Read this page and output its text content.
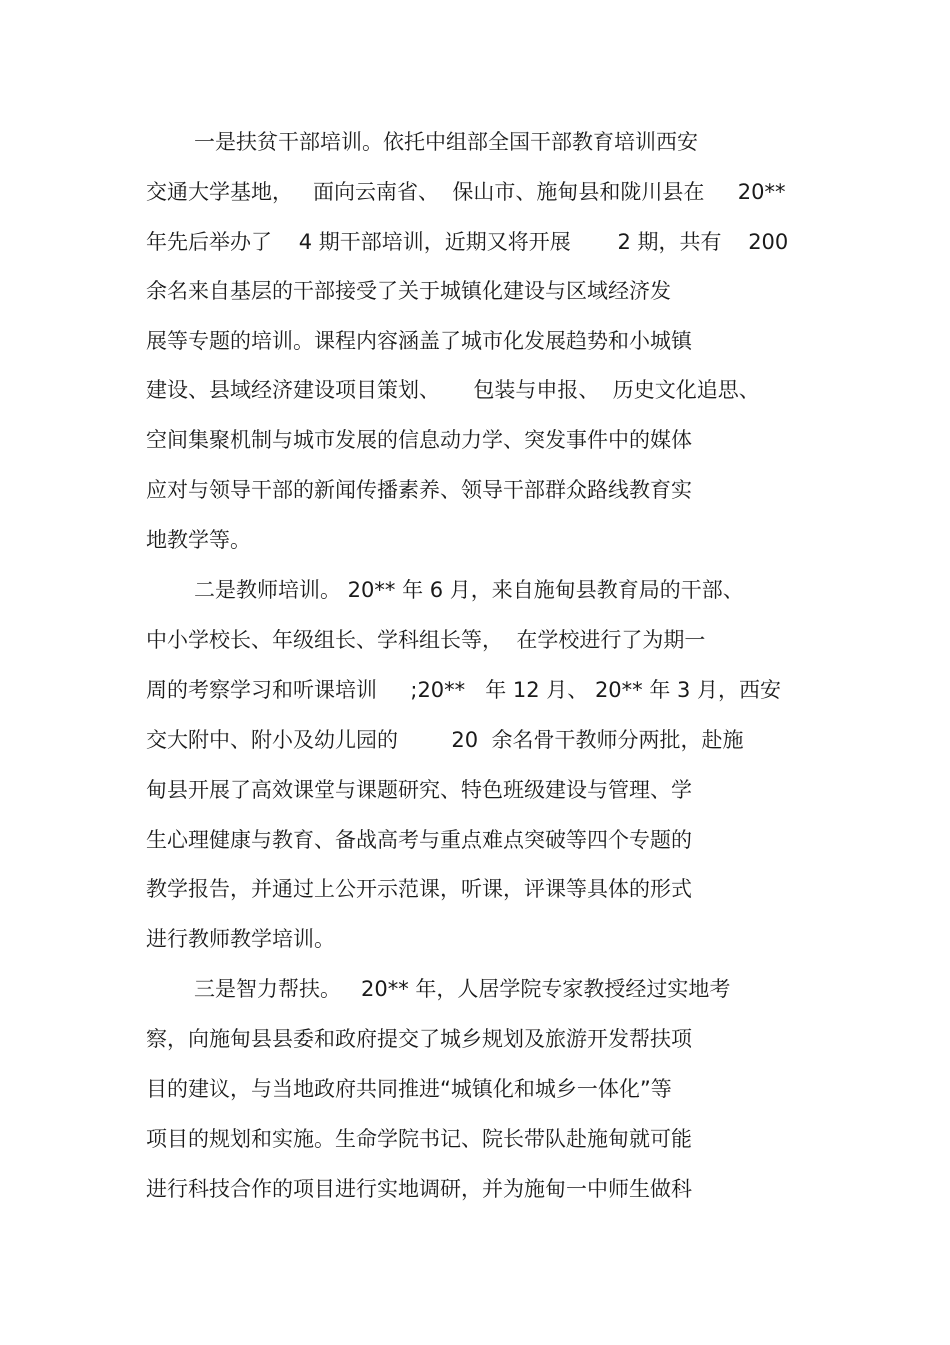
一是扶贫干部培训。依托中组部全国干部教育培训西安
交通大学基地，   面向云南省、  保山市、施甸县和陇川县在     20**
年先后举办了    4 期干部培训，近期又将开展       2 期，共有    200
余名来自基层的干部接受了关于城镇化建设与区域经济发
展等专题的培训。课程内容涵盖了城市化发展趋势和小城镇
建设、县域经济建设项目策划、     包装与申报、  历史文化追思、
空间集聚机制与城市发展的信息动力学、突发事件中的媒体
应对与领导干部的新闻传播素养、领导干部群众路线教育实
地教学等。
二是教师培训。 20** 年 6 月，来自施甸县教育局的干部、
中小学校长、年级组长、学科组长等，  在学校进行了为期一
周的考察学习和听课培训     ;20**   年 12 月、 20** 年 3 月，西安
交大附中、附小及幼儿园的        20  余名骨干教师分两批，赴施
甸县开展了高效课堂与课题研究、特色班级建设与管理、学
生心理健康与教育、备战高考与重点难点突破等四个专题的
教学报告，并通过上公开示范课，听课，评课等具体的形式
进行教师教学培训。
三是智力帮扶。   20** 年，人居学院专家教授经过实地考
察，向施甸县县委和政府提交了城乡规划及旅游开发帮扶项
目的建议，与当地政府共同推进“城镇化和城乡一体化”等
项目的规划和实施。生命学院书记、院长带队赴施甸就可能
进行科技合作的项目进行实地调研，并为施甸一中师生做科
